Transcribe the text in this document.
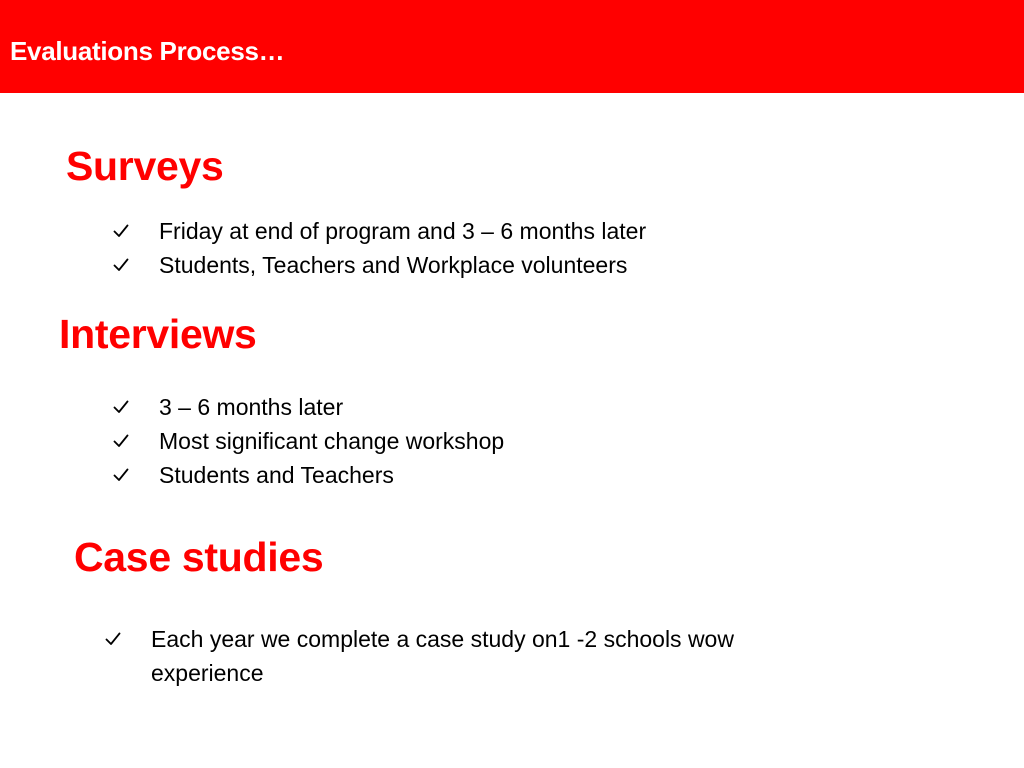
Evaluations Process…
Surveys
Friday at end of program and 3 – 6 months later
Students, Teachers and Workplace volunteers
Interviews
3 – 6 months later
Most significant change workshop
Students and Teachers
Case studies
Each year we complete a case study on1 -2 schools wow experience
